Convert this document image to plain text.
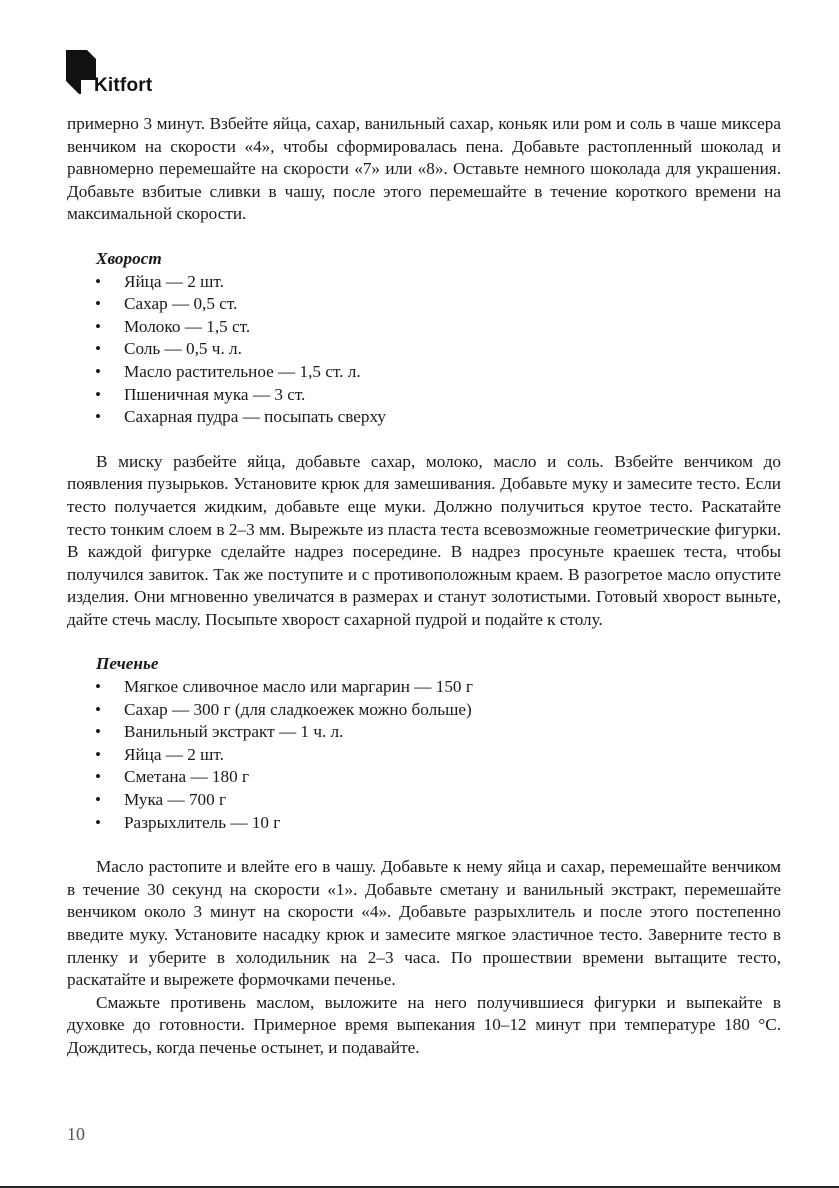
Kitfort

примерно 3 минут. Взбейте яйца, сахар, ванильный сахар, коньяк или ром и соль в чаше миксера венчиком на скорости «4», чтобы сформировалась пена. Добавьте растопленный шоколад и равномерно перемешайте на скорости «7» или «8». Оставьте немного шоколада для украшения. Добавьте взбитые сливки в чашу, после этого перемешайте в течение короткого времени на максимальной скорости.

Хворост
• Яйца — 2 шт.
• Сахар — 0,5 ст.
• Молоко — 1,5 ст.
• Соль — 0,5 ч. л.
• Масло растительное — 1,5 ст. л.
• Пшеничная мука — 3 ст.
• Сахарная пудра — посыпать сверху

В миску разбейте яйца, добавьте сахар, молоко, масло и соль. Взбейте венчиком до появления пузырьков. Установите крюк для замешивания. Добавьте муку и замесите тесто. Если тесто получается жидким, добавьте еще муки. Должно получиться крутое тесто. Раскатайте тесто тонким слоем в 2–3 мм. Вырежьте из пласта теста всевозможные геометрические фигурки. В каждой фигурке сделайте надрез посередине. В надрез просуньте краешек теста, чтобы получился завиток. Так же поступите и с противоположным краем. В разогретое масло опустите изделия. Они мгновенно увеличатся в размерах и станут золотистыми. Готовый хворост выньте, дайте стечь маслу. Посыпьте хворост сахарной пудрой и подайте к столу.

Печенье
• Мягкое сливочное масло или маргарин — 150 г
• Сахар — 300 г (для сладкоежек можно больше)
• Ванильный экстракт — 1 ч. л.
• Яйца — 2 шт.
• Сметана — 180 г
• Мука — 700 г
• Разрыхлитель — 10 г

Масло растопите и влейте его в чашу. Добавьте к нему яйца и сахар, перемешайте венчиком в течение 30 секунд на скорости «1». Добавьте сметану и ванильный экстракт, перемешайте венчиком около 3 минут на скорости «4». Добавьте разрыхлитель и после этого постепенно введите муку. Установите насадку крюк и замесите мягкое эластичное тесто. Заверните тесто в пленку и уберите в холодильник на 2–3 часа. По прошествии времени вытащите тесто, раскатайте и вырежете формочками печенье.

Смажьте противень маслом, выложите на него получившиеся фигурки и выпекайте в духовке до готовности. Примерное время выпекания 10–12 минут при температуре 180 °C. Дождитесь, когда печенье остынет, и подавайте.

10
